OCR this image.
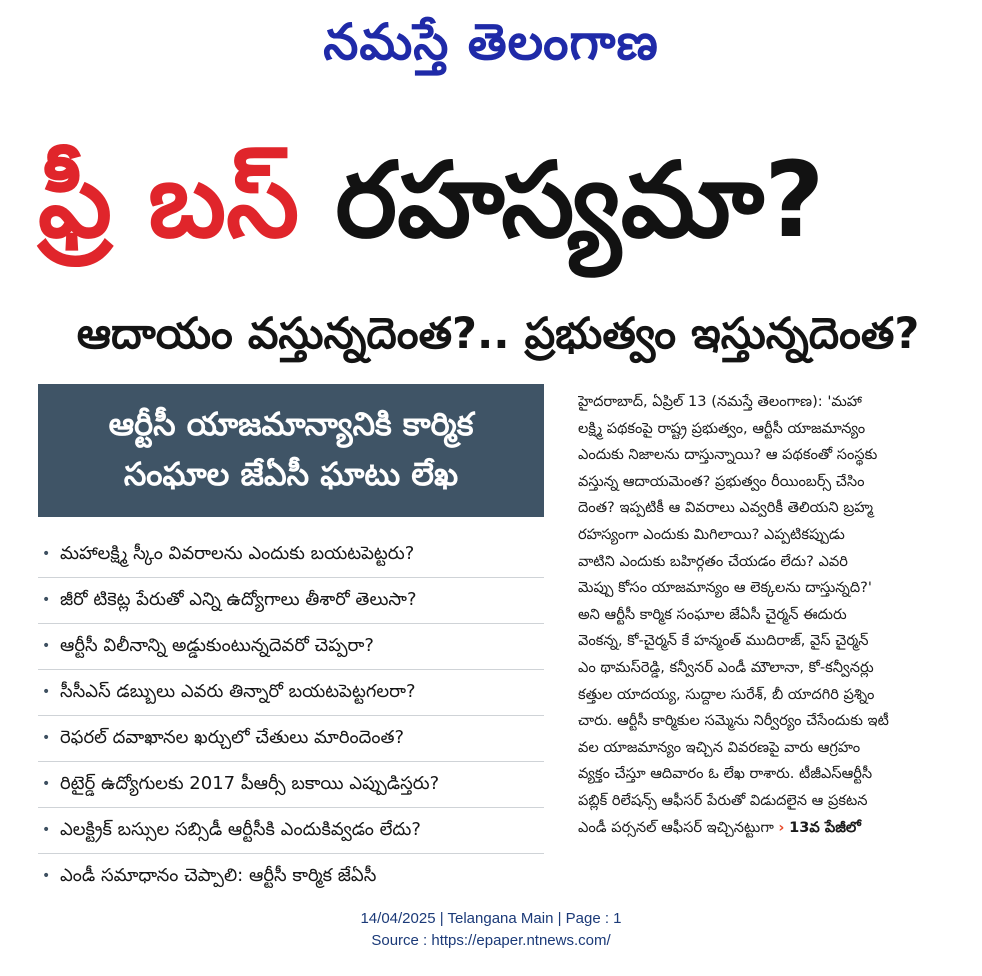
నమస్తే తెలంగాణ
ఫ్రీ బస్ రహస్యమా?
ఆదాయం వస్తున్నదెంత?.. ప్రభుత్వం ఇస్తున్నదెంత?
ఆర్టీసీ యాజమాన్యానికి కార్మిక
సంఘాల జేఏసీ ఘాటు లేఖ
• మహాలక్ష్మి స్కీం వివరాలను ఎందుకు బయటపెట్టరు?
• జీరో టికెట్ల పేరుతో ఎన్ని ఉద్యోగాలు తీశారో తెలుసా?
• ఆర్టీసీ విలీనాన్ని అడ్డుకుంటున్నదెవరో చెప్పరా?
• సీసీఎస్ డబ్బులు ఎవరు తిన్నారో బయటపెట్టగలరా?
• రెఫరల్ దవాఖానల ఖర్చులో చేతులు మారిందెంత?
• రిటైర్డ్ ఉద్యోగులకు 2017 పీఆర్సీ బకాయి ఎప్పుడిస్తరు?
• ఎలక్ట్రిక్ బస్సుల సబ్సిడీ ఆర్టీసీకి ఎందుకివ్వడం లేదు?
• ఎండీ సమాధానం చెప్పాలి: ఆర్టీసీ కార్మిక జేఏసీ
హైదరాబాద్, ఏప్రిల్ 13 (నమస్తే తెలంగాణ): 'మహా
లక్ష్మి పథకంపై రాష్ట్ర ప్రభుత్వం, ఆర్టీసీ యాజమాన్యం
ఎందుకు నిజాలను దాస్తున్నాయి? ఆ పథకంతో సంస్థకు
వస్తున్న ఆదాయమెంత? ప్రభుత్వం రీయింబర్స్ చేసిం
దెంత? ఇప్పటికీ ఆ వివరాలు ఎవ్వరికీ తెలియని బ్రహ్మ
రహస్యంగా ఎందుకు మిగిలాయి? ఎప్పటికప్పుడు
వాటిని ఎందుకు బహిర్గతం చేయడం లేదు? ఎవరి
మెప్పు కోసం యాజమాన్యం ఆ లెక్కలను దాస్తున్నది?'
అని ఆర్టీసీ కార్మిక సంఘాల జేఏసీ చైర్మన్ ఈదురు
వెంకన్న, కో-చైర్మన్ కే హన్మంత్ ముదిరాజ్, వైస్ చైర్మన్
ఎం థామస్‌రెడ్డి, కన్వీనర్ ఎండీ మౌలానా, కో-కన్వీనర్లు
కత్తుల యాదయ్య, సుద్దాల సురేశ్, బీ యాదగిరి ప్రశ్నిం
చారు. ఆర్టీసీ కార్మికుల సమ్మెను నిర్వీర్యం చేసేందుకు ఇటీ
వల యాజమాన్యం ఇచ్చిన వివరణపై వారు ఆగ్రహం
వ్యక్తం చేస్తూ ఆదివారం ఓ లేఖ రాశారు. టీజీఎస్‌ఆర్టీసీ
పబ్లిక్ రిలేషన్స్ ఆఫీసర్ పేరుతో విడుదలైన ఆ ప్రకటన
ఎండీ పర్సనల్ ఆఫీసర్ ఇచ్చినట్టుగా › 13వ పేజీలో
14/04/2025 | Telangana Main | Page : 1
Source : https://epaper.ntnews.com/
